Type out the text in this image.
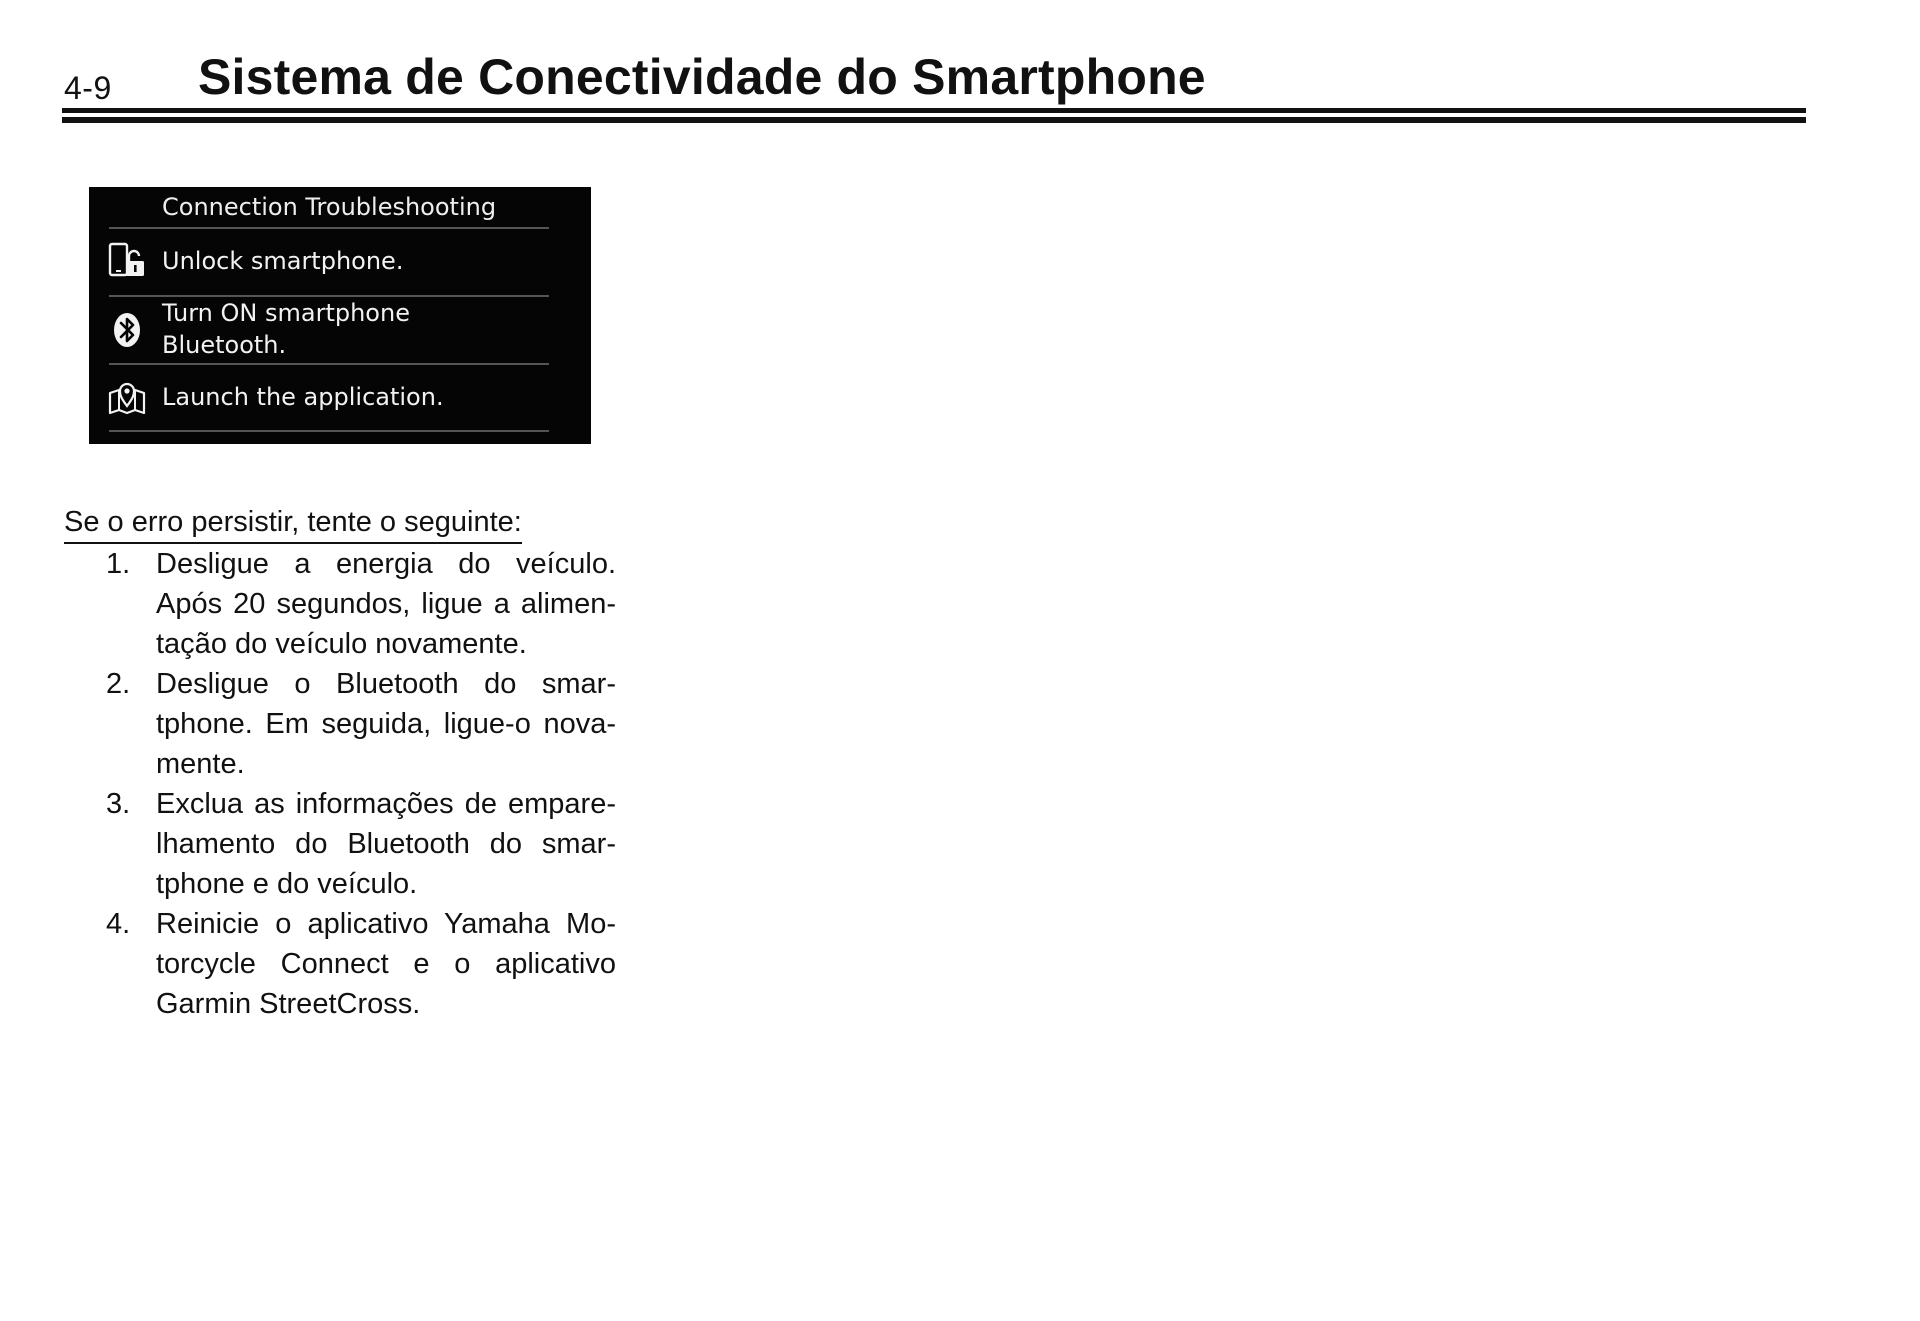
4-9 Sistema de Conectividade do Smartphone
Connection Troubleshooting
Unlock smartphone.
Turn ON smartphone
Bluetooth.
Launch the application.
Se o erro persistir, tente o seguinte:
1. Desligue a energia do veículo.
Após 20 segundos, ligue a alimen-
tação do veículo novamente.
2. Desligue o Bluetooth do smar-
tphone. Em seguida, ligue-o nova-
mente.
3. Exclua as informações de empare-
lhamento do Bluetooth do smar-
tphone e do veículo.
4. Reinicie o aplicativo Yamaha Mo-
torcycle Connect e o aplicativo
Garmin StreetCross.
